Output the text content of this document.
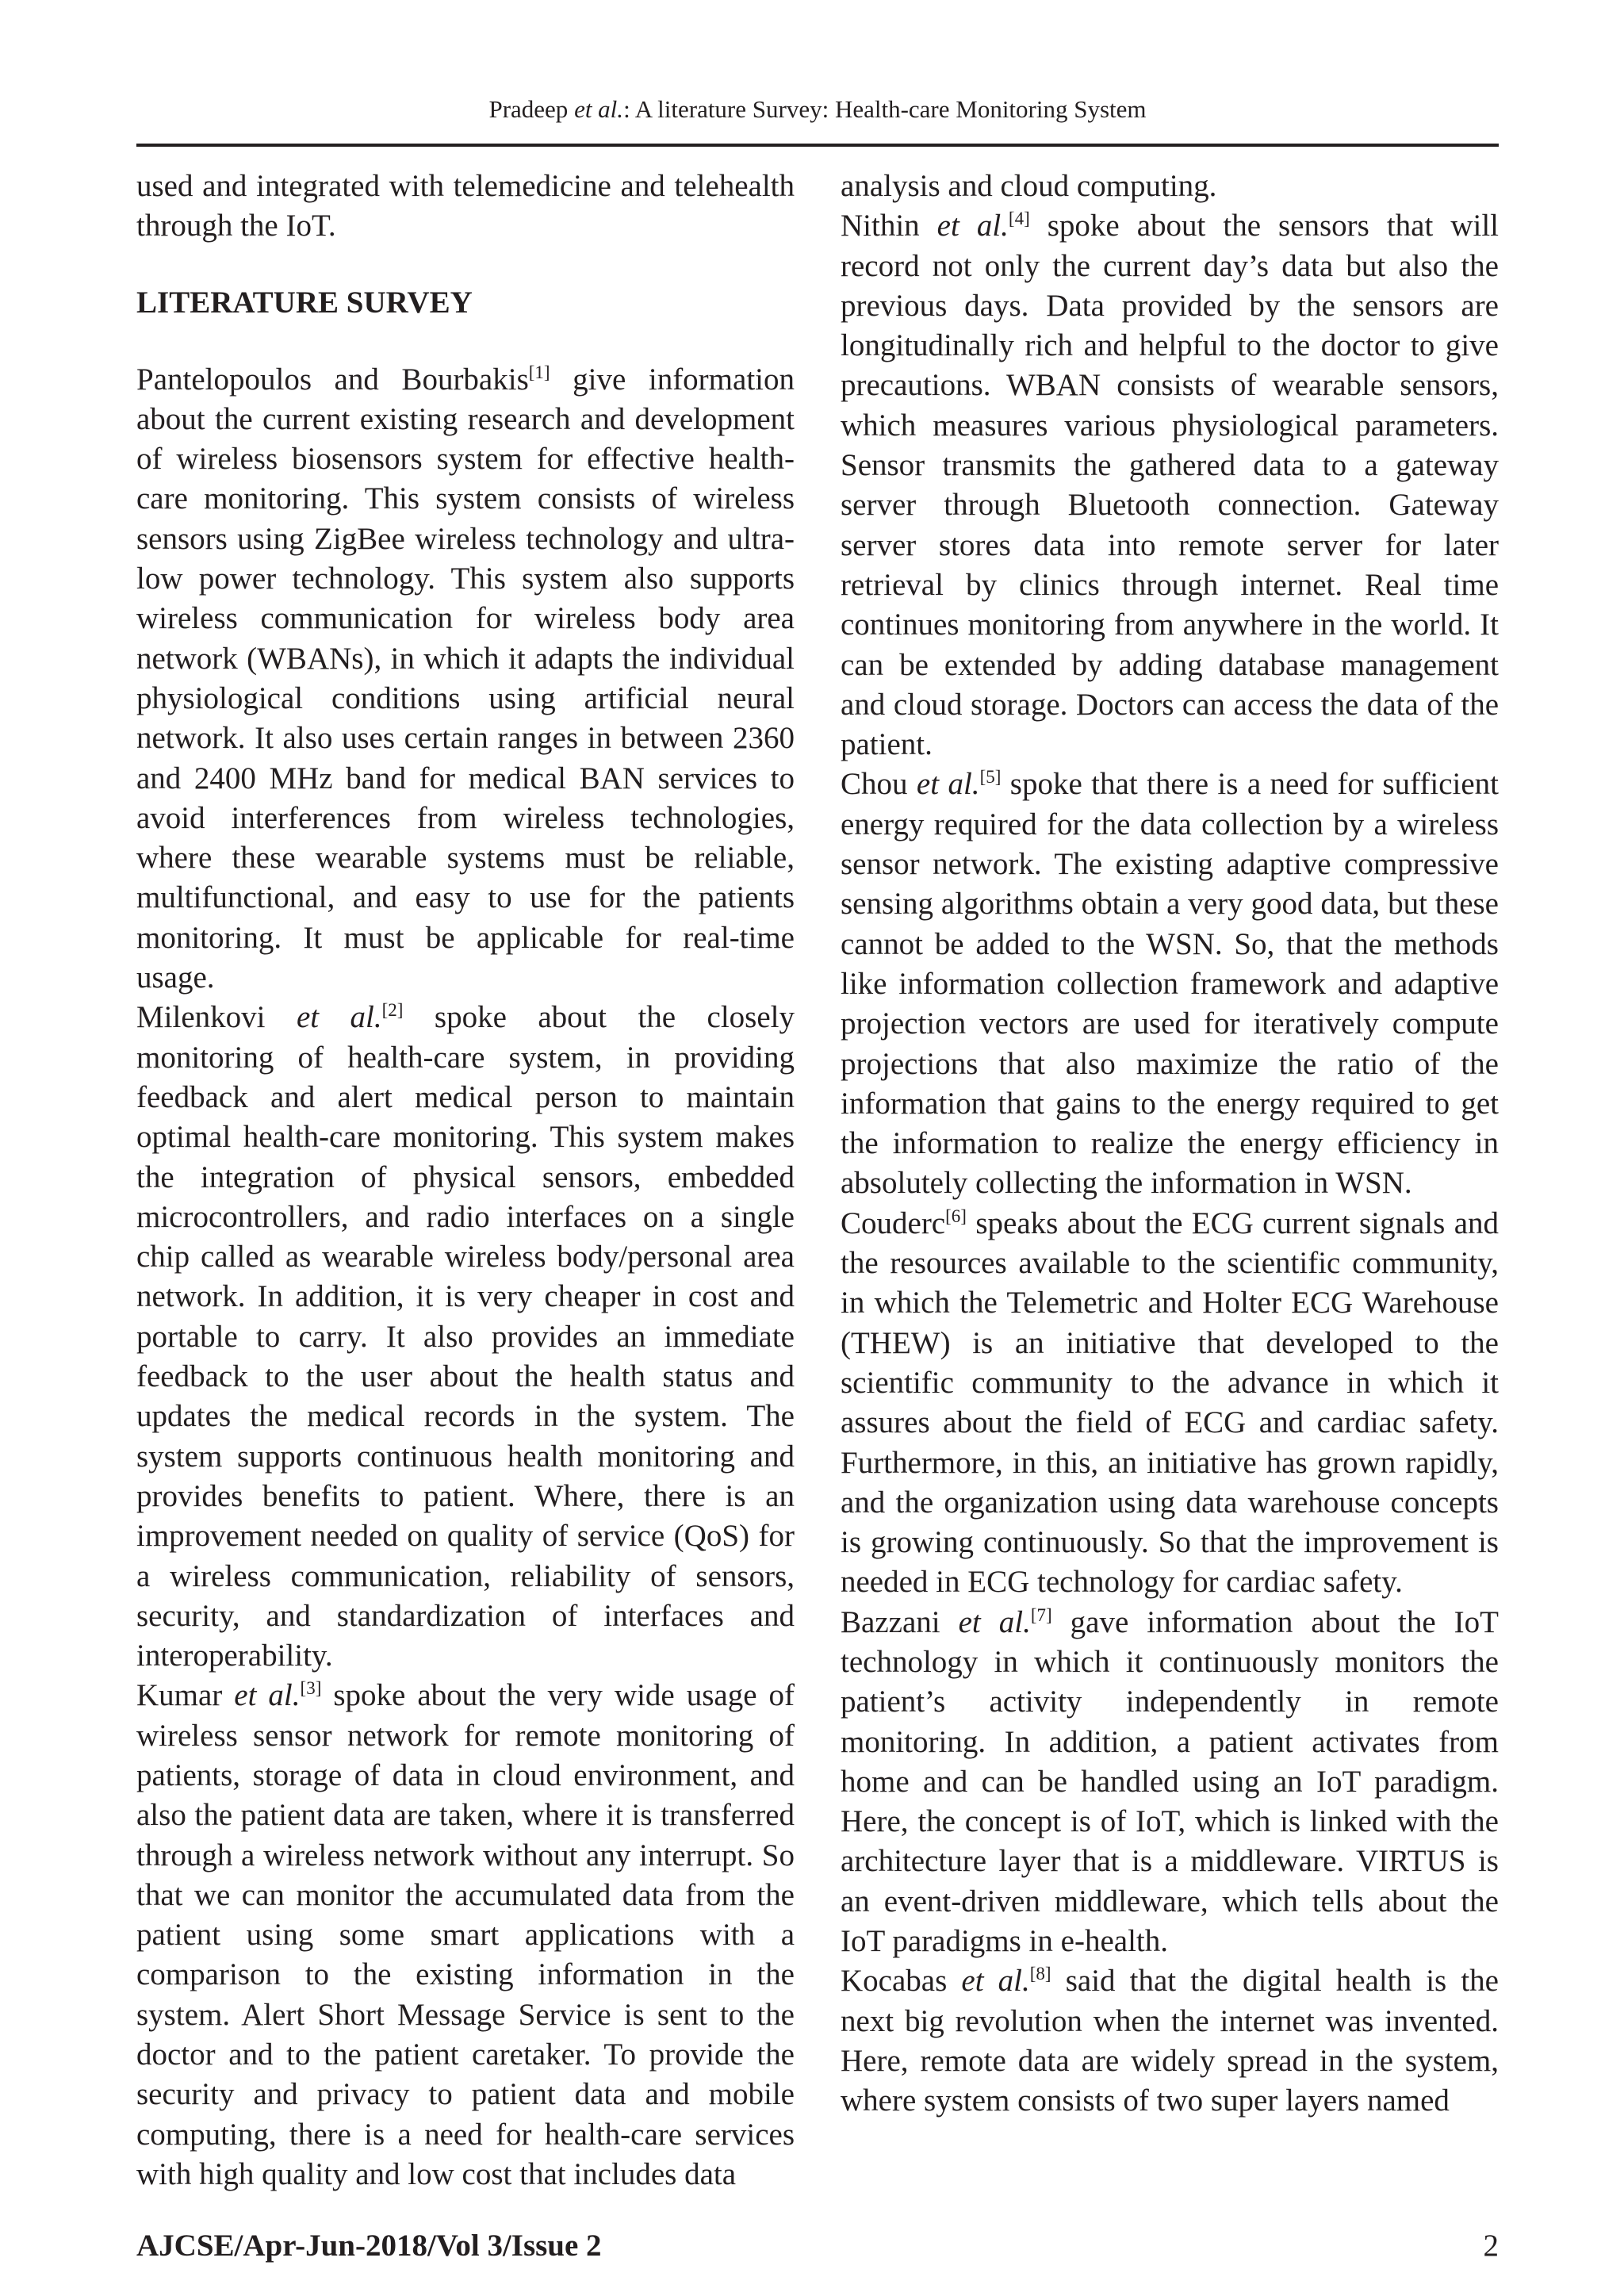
Pradeep et al.: A literature Survey: Health-care Monitoring System

used and integrated with telemedicine and telehealth through the IoT.

LITERATURE SURVEY

Pantelopoulos and Bourbakis[1] give information about the current existing research and development of wireless biosensors system for effective health-care monitoring. This system consists of wireless sensors using ZigBee wireless technology and ultra-low power technology. This system also supports wireless communication for wireless body area network (WBANs), in which it adapts the individual physiological conditions using artificial neural network. It also uses certain ranges in between 2360 and 2400 MHz band for medical BAN services to avoid interferences from wireless technologies, where these wearable systems must be reliable, multifunctional, and easy to use for the patients monitoring. It must be applicable for real-time usage.

Milenkovi et al.[2] spoke about the closely monitoring of health-care system, in providing feedback and alert medical person to maintain optimal health-care monitoring. This system makes the integration of physical sensors, embedded microcontrollers, and radio interfaces on a single chip called as wearable wireless body/personal area network. In addition, it is very cheaper in cost and portable to carry. It also provides an immediate feedback to the user about the health status and updates the medical records in the system. The system supports continuous health monitoring and provides benefits to patient. Where, there is an improvement needed on quality of service (QoS) for a wireless communication, reliability of sensors, security, and standardization of interfaces and interoperability.

Kumar et al.[3] spoke about the very wide usage of wireless sensor network for remote monitoring of patients, storage of data in cloud environment, and also the patient data are taken, where it is transferred through a wireless network without any interrupt. So that we can monitor the accumulated data from the patient using some smart applications with a comparison to the existing information in the system. Alert Short Message Service is sent to the doctor and to the patient caretaker. To provide the security and privacy to patient data and mobile computing, there is a need for health-care services with high quality and low cost that includes data

analysis and cloud computing.

Nithin et al.[4] spoke about the sensors that will record not only the current day’s data but also the previous days. Data provided by the sensors are longitudinally rich and helpful to the doctor to give precautions. WBAN consists of wearable sensors, which measures various physiological parameters. Sensor transmits the gathered data to a gateway server through Bluetooth connection. Gateway server stores data into remote server for later retrieval by clinics through internet. Real time continues monitoring from anywhere in the world. It can be extended by adding database management and cloud storage. Doctors can access the data of the patient.

Chou et al.[5] spoke that there is a need for sufficient energy required for the data collection by a wireless sensor network. The existing adaptive compressive sensing algorithms obtain a very good data, but these cannot be added to the WSN. So, that the methods like information collection framework and adaptive projection vectors are used for iteratively compute projections that also maximize the ratio of the information that gains to the energy required to get the information to realize the energy efficiency in absolutely collecting the information in WSN.

Couderc[6] speaks about the ECG current signals and the resources available to the scientific community, in which the Telemetric and Holter ECG Warehouse (THEW) is an initiative that developed to the scientific community to the advance in which it assures about the field of ECG and cardiac safety. Furthermore, in this, an initiative has grown rapidly, and the organization using data warehouse concepts is growing continuously. So that the improvement is needed in ECG technology for cardiac safety.

Bazzani et al.[7] gave information about the IoT technology in which it continuously monitors the patient’s activity independently in remote monitoring. In addition, a patient activates from home and can be handled using an IoT paradigm. Here, the concept is of IoT, which is linked with the architecture layer that is a middleware. VIRTUS is an event-driven middleware, which tells about the IoT paradigms in e-health.

Kocabas et al.[8] said that the digital health is the next big revolution when the internet was invented. Here, remote data are widely spread in the system, where system consists of two super layers named

AJCSE/Apr-Jun-2018/Vol 3/Issue 2	2
